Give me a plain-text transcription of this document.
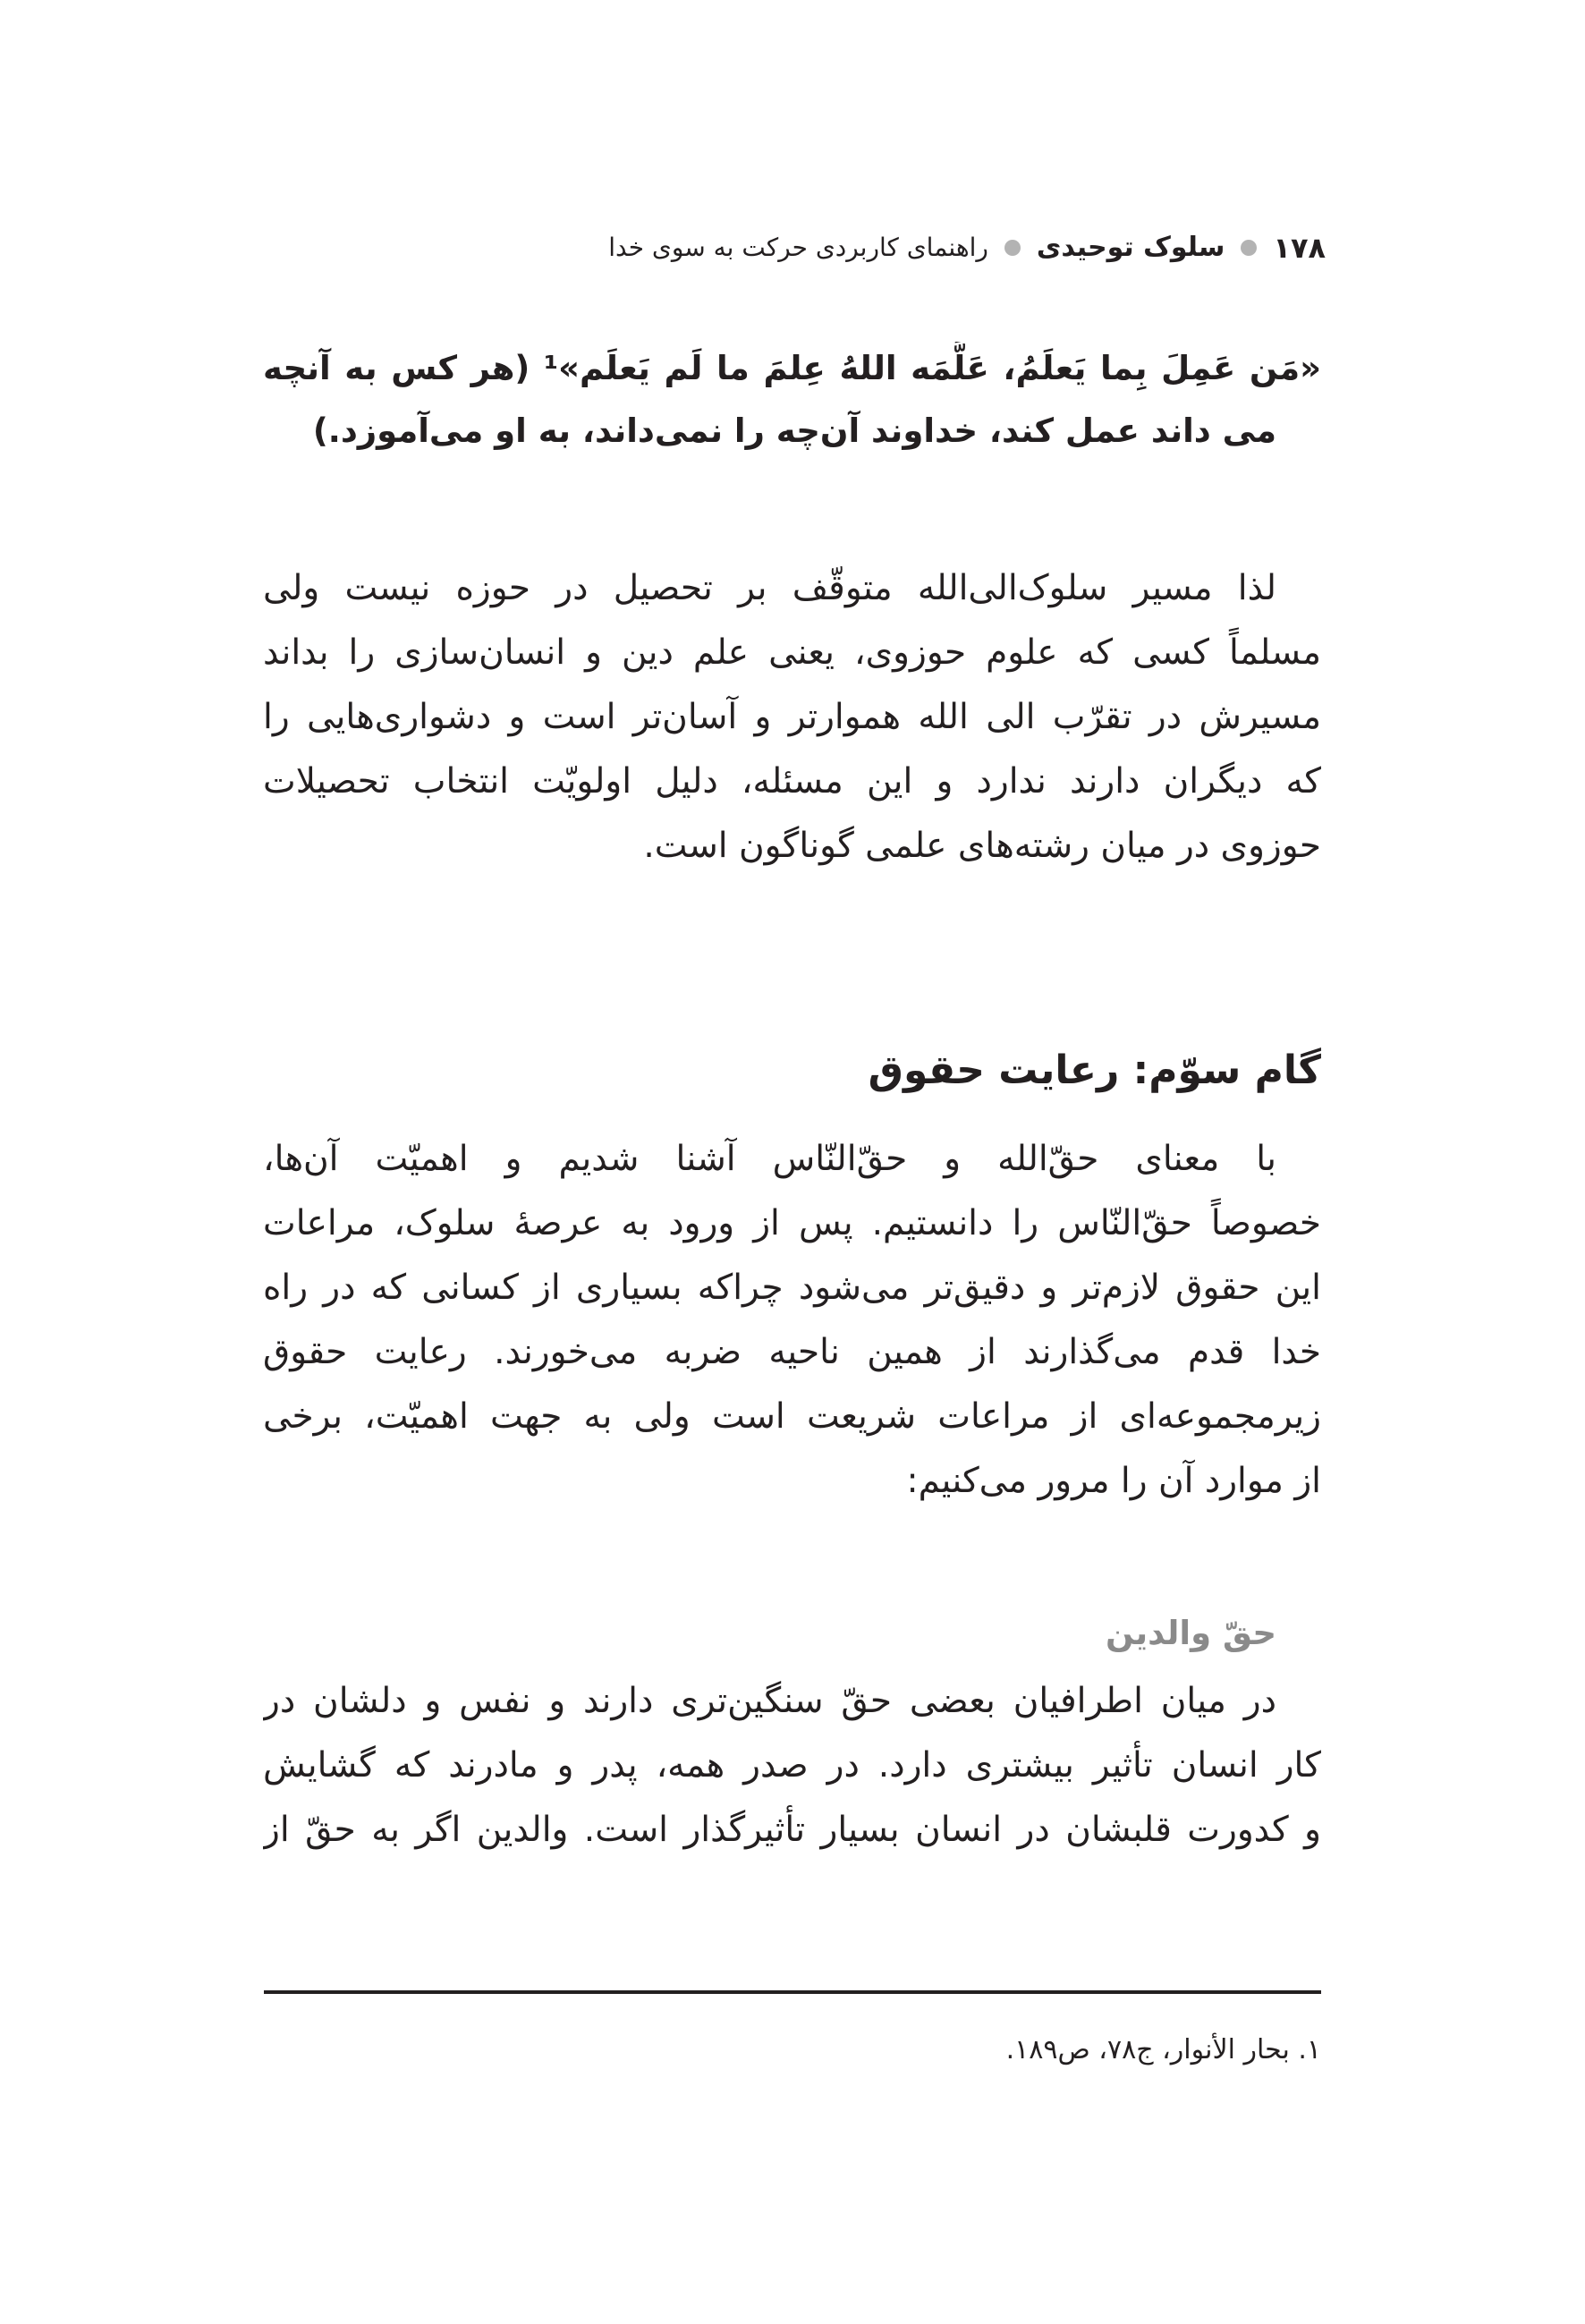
۱۷۸
سلوک توحیدی
راهنمای کاربردی حرکت به سوی خدا
«مَن عَمِلَ بِما يَعلَمُ، عَلَّمَه اللهُ عِلمَ ما لَم يَعلَم»¹ (هر کس به آنچه
می داند عمل کند، خداوند آن‌چه را نمی‌داند، به او می‌آموزد.)
لذا مسیر سلوک‌الی‌الله متوقّف بر تحصیل در حوزه نیست ولی
مسلماً کسی که علوم حوزوی، یعنی علم دین و انسان‌سازی را بداند
مسیرش در تقرّب الی الله هموارتر و آسان‌تر است و دشواری‌هایی را
که دیگران دارند ندارد و این مسئله، دلیل اولویّت انتخاب تحصیلات
حوزوی در میان رشته‌های علمی گوناگون است.
گام سوّم: رعایت حقوق
با معنای حقّ‌الله و حقّ‌النّاس آشنا شدیم و اهمیّت آن‌ها،
خصوصاً حقّ‌النّاس را دانستیم. پس از ورود به عرصهٔ سلوک، مراعات
این حقوق لازم‌تر و دقیق‌تر می‌شود چراکه بسیاری از کسانی که در راه
خدا قدم می‌گذارند از همین ناحیه ضربه می‌خورند. رعایت حقوق
زیرمجموعه‌ای از مراعات شریعت است ولی به جهت اهمیّت، برخی
از موارد آن را مرور می‌کنیم:
حقّ والدین
در میان اطرافیان بعضی حقّ سنگین‌تری دارند و نفس و دلشان در
کار انسان تأثیر بیشتری دارد. در صدر همه، پدر و مادرند که گشایش
و کدورت قلبشان در انسان بسیار تأثیرگذار است. والدین اگر به حقّ از
۱. بحار الأنوار، ج۷۸، ص۱۸۹.
